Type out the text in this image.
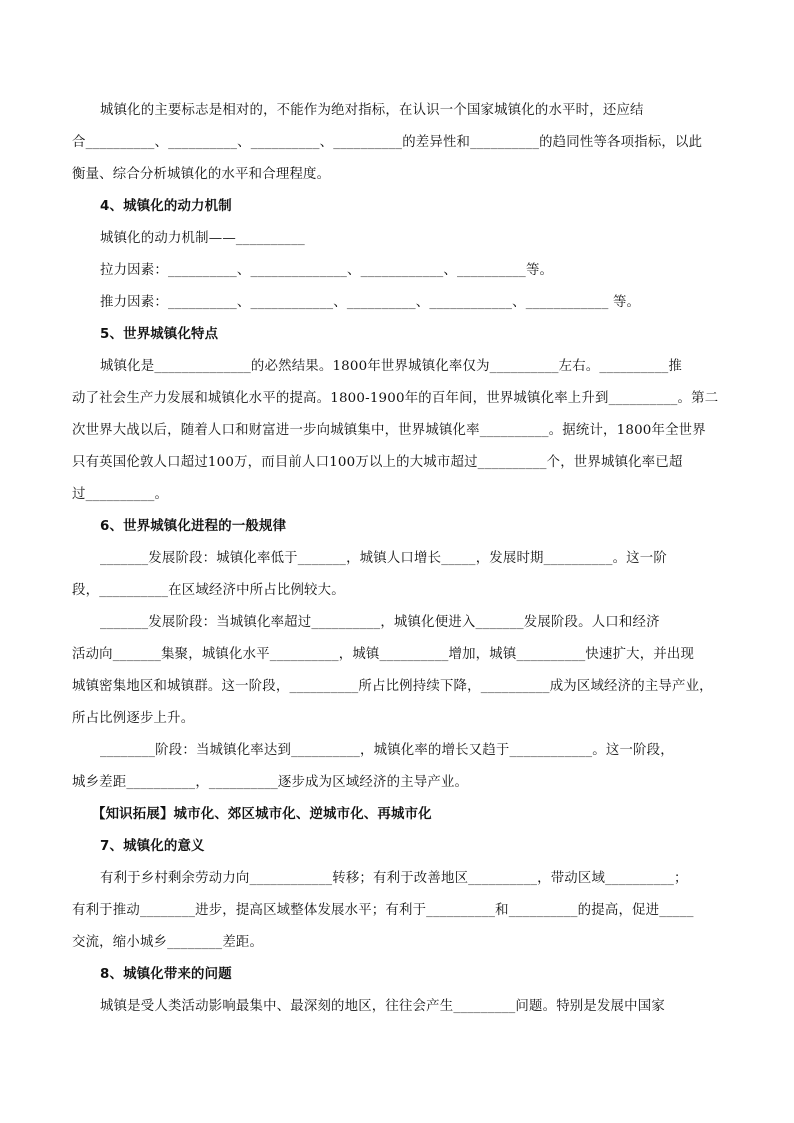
城镇化的主要标志是相对的，不能作为绝对指标，在认识一个国家城镇化的水平时，还应结
合__________、__________、__________、__________的差异性和__________的趋同性等各项指标，以此
衡量、综合分析城镇化的水平和合理程度。
4、城镇化的动力机制
城镇化的动力机制——__________
拉力因素：__________、______________、____________、__________等。
推力因素：__________、____________、__________、____________、____________ 等。
5、世界城镇化特点
城镇化是______________的必然结果。1800年世界城镇化率仅为__________左右。__________推
动了社会生产力发展和城镇化水平的提高。1800-1900年的百年间，世界城镇化率上升到__________。第二
次世界大战以后，随着人口和财富进一步向城镇集中，世界城镇化率__________。据统计，1800年全世界
只有英国伦敦人口超过100万，而目前人口100万以上的大城市超过__________个，世界城镇化率已超
过__________。
6、世界城镇化进程的一般规律
_______发展阶段：城镇化率低于_______，城镇人口增长_____，发展时期__________。这一阶
段，__________在区域经济中所占比例较大。
_______发展阶段：当城镇化率超过__________，城镇化便进入_______发展阶段。人口和经济
活动向_______集聚，城镇化水平__________，城镇__________增加，城镇__________快速扩大，并出现
城镇密集地区和城镇群。这一阶段，__________所占比例持续下降，__________成为区域经济的主导产业，
所占比例逐步上升。
________阶段：当城镇化率达到__________，城镇化率的增长又趋于____________。这一阶段，
城乡差距__________，__________逐步成为区域经济的主导产业。
【知识拓展】城市化、郊区城市化、逆城市化、再城市化
7、城镇化的意义
有利于乡村剩余劳动力向____________转移；有利于改善地区__________，带动区域__________；
有利于推动________进步，提高区域整体发展水平；有利于__________和__________的提高，促进_____
交流，缩小城乡________差距。
8、城镇化带来的问题
城镇是受人类活动影响最集中、最深刻的地区，往往会产生_________问题。特别是发展中国家
